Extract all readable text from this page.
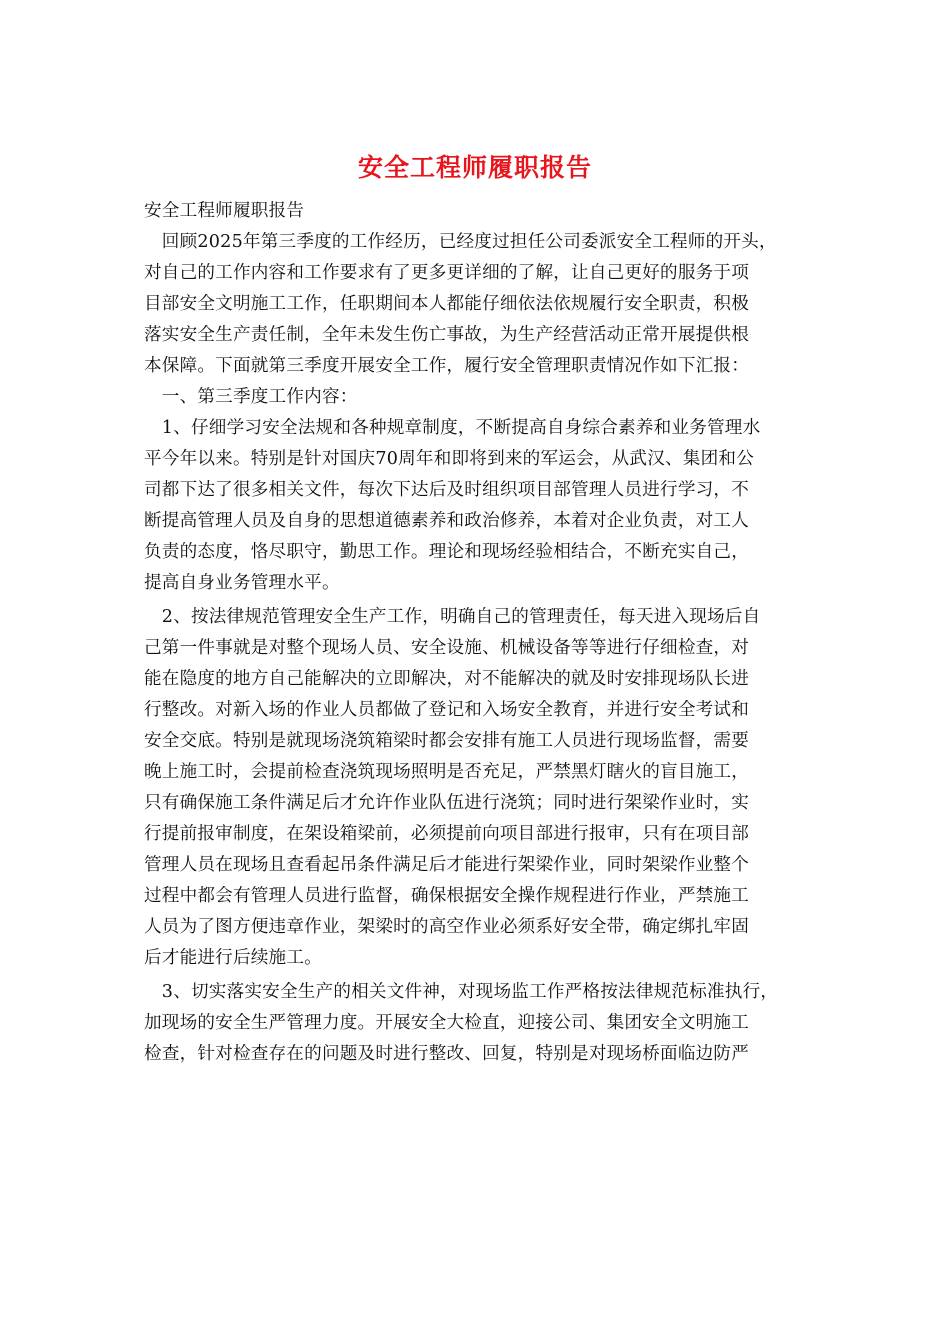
安全工程师履职报告
安全工程师履职报告
　回顾2025年第三季度的工作经历，已经度过担任公司委派安全工程师的开头，
对自己的工作内容和工作要求有了更多更详细的了解，让自己更好的服务于项
目部安全文明施工工作，任职期间本人都能仔细依法依规履行安全职责，积极
落实安全生产责任制，全年未发生伤亡事故，为生产经营活动正常开展提供根
本保障。下面就第三季度开展安全工作，履行安全管理职责情况作如下汇报：
　一、第三季度工作内容：
　1、仔细学习安全法规和各种规章制度，不断提高自身综合素养和业务管理水
平今年以来。特别是针对国庆70周年和即将到来的军运会，从武汉、集团和公
司都下达了很多相关文件，每次下达后及时组织项目部管理人员进行学习，不
断提高管理人员及自身的思想道德素养和政治修养，本着对企业负责，对工人
负责的态度，恪尽职守，勤思工作。理论和现场经验相结合，不断充实自己，
提高自身业务管理水平。
　2、按法律规范管理安全生产工作，明确自己的管理责任，每天进入现场后自
己第一件事就是对整个现场人员、安全设施、机械设备等等进行仔细检查，对
能在隐度的地方自己能解决的立即解决，对不能解决的就及时安排现场队长进
行整改。对新入场的作业人员都做了登记和入场安全教育，并进行安全考试和
安全交底。特别是就现场浇筑箱梁时都会安排有施工人员进行现场监督，需要
晚上施工时，会提前检查浇筑现场照明是否充足，严禁黑灯瞎火的盲目施工，
只有确保施工条件满足后才允许作业队伍进行浇筑；同时进行架梁作业时，实
行提前报审制度，在架设箱梁前，必须提前向项目部进行报审，只有在项目部
管理人员在现场且查看起吊条件满足后才能进行架梁作业，同时架梁作业整个
过程中都会有管理人员进行监督，确保根据安全操作规程进行作业，严禁施工
人员为了图方便违章作业，架梁时的高空作业必须系好安全带，确定绑扎牢固
后才能进行后续施工。
　3、切实落实安全生产的相关文件神，对现场监工作严格按法律规范标准执行，
加现场的安全生严管理力度。开展安全大检直，迎接公司、集团安全文明施工
检查，针对检查存在的问题及时进行整改、回复，特别是对现场桥面临边防严
